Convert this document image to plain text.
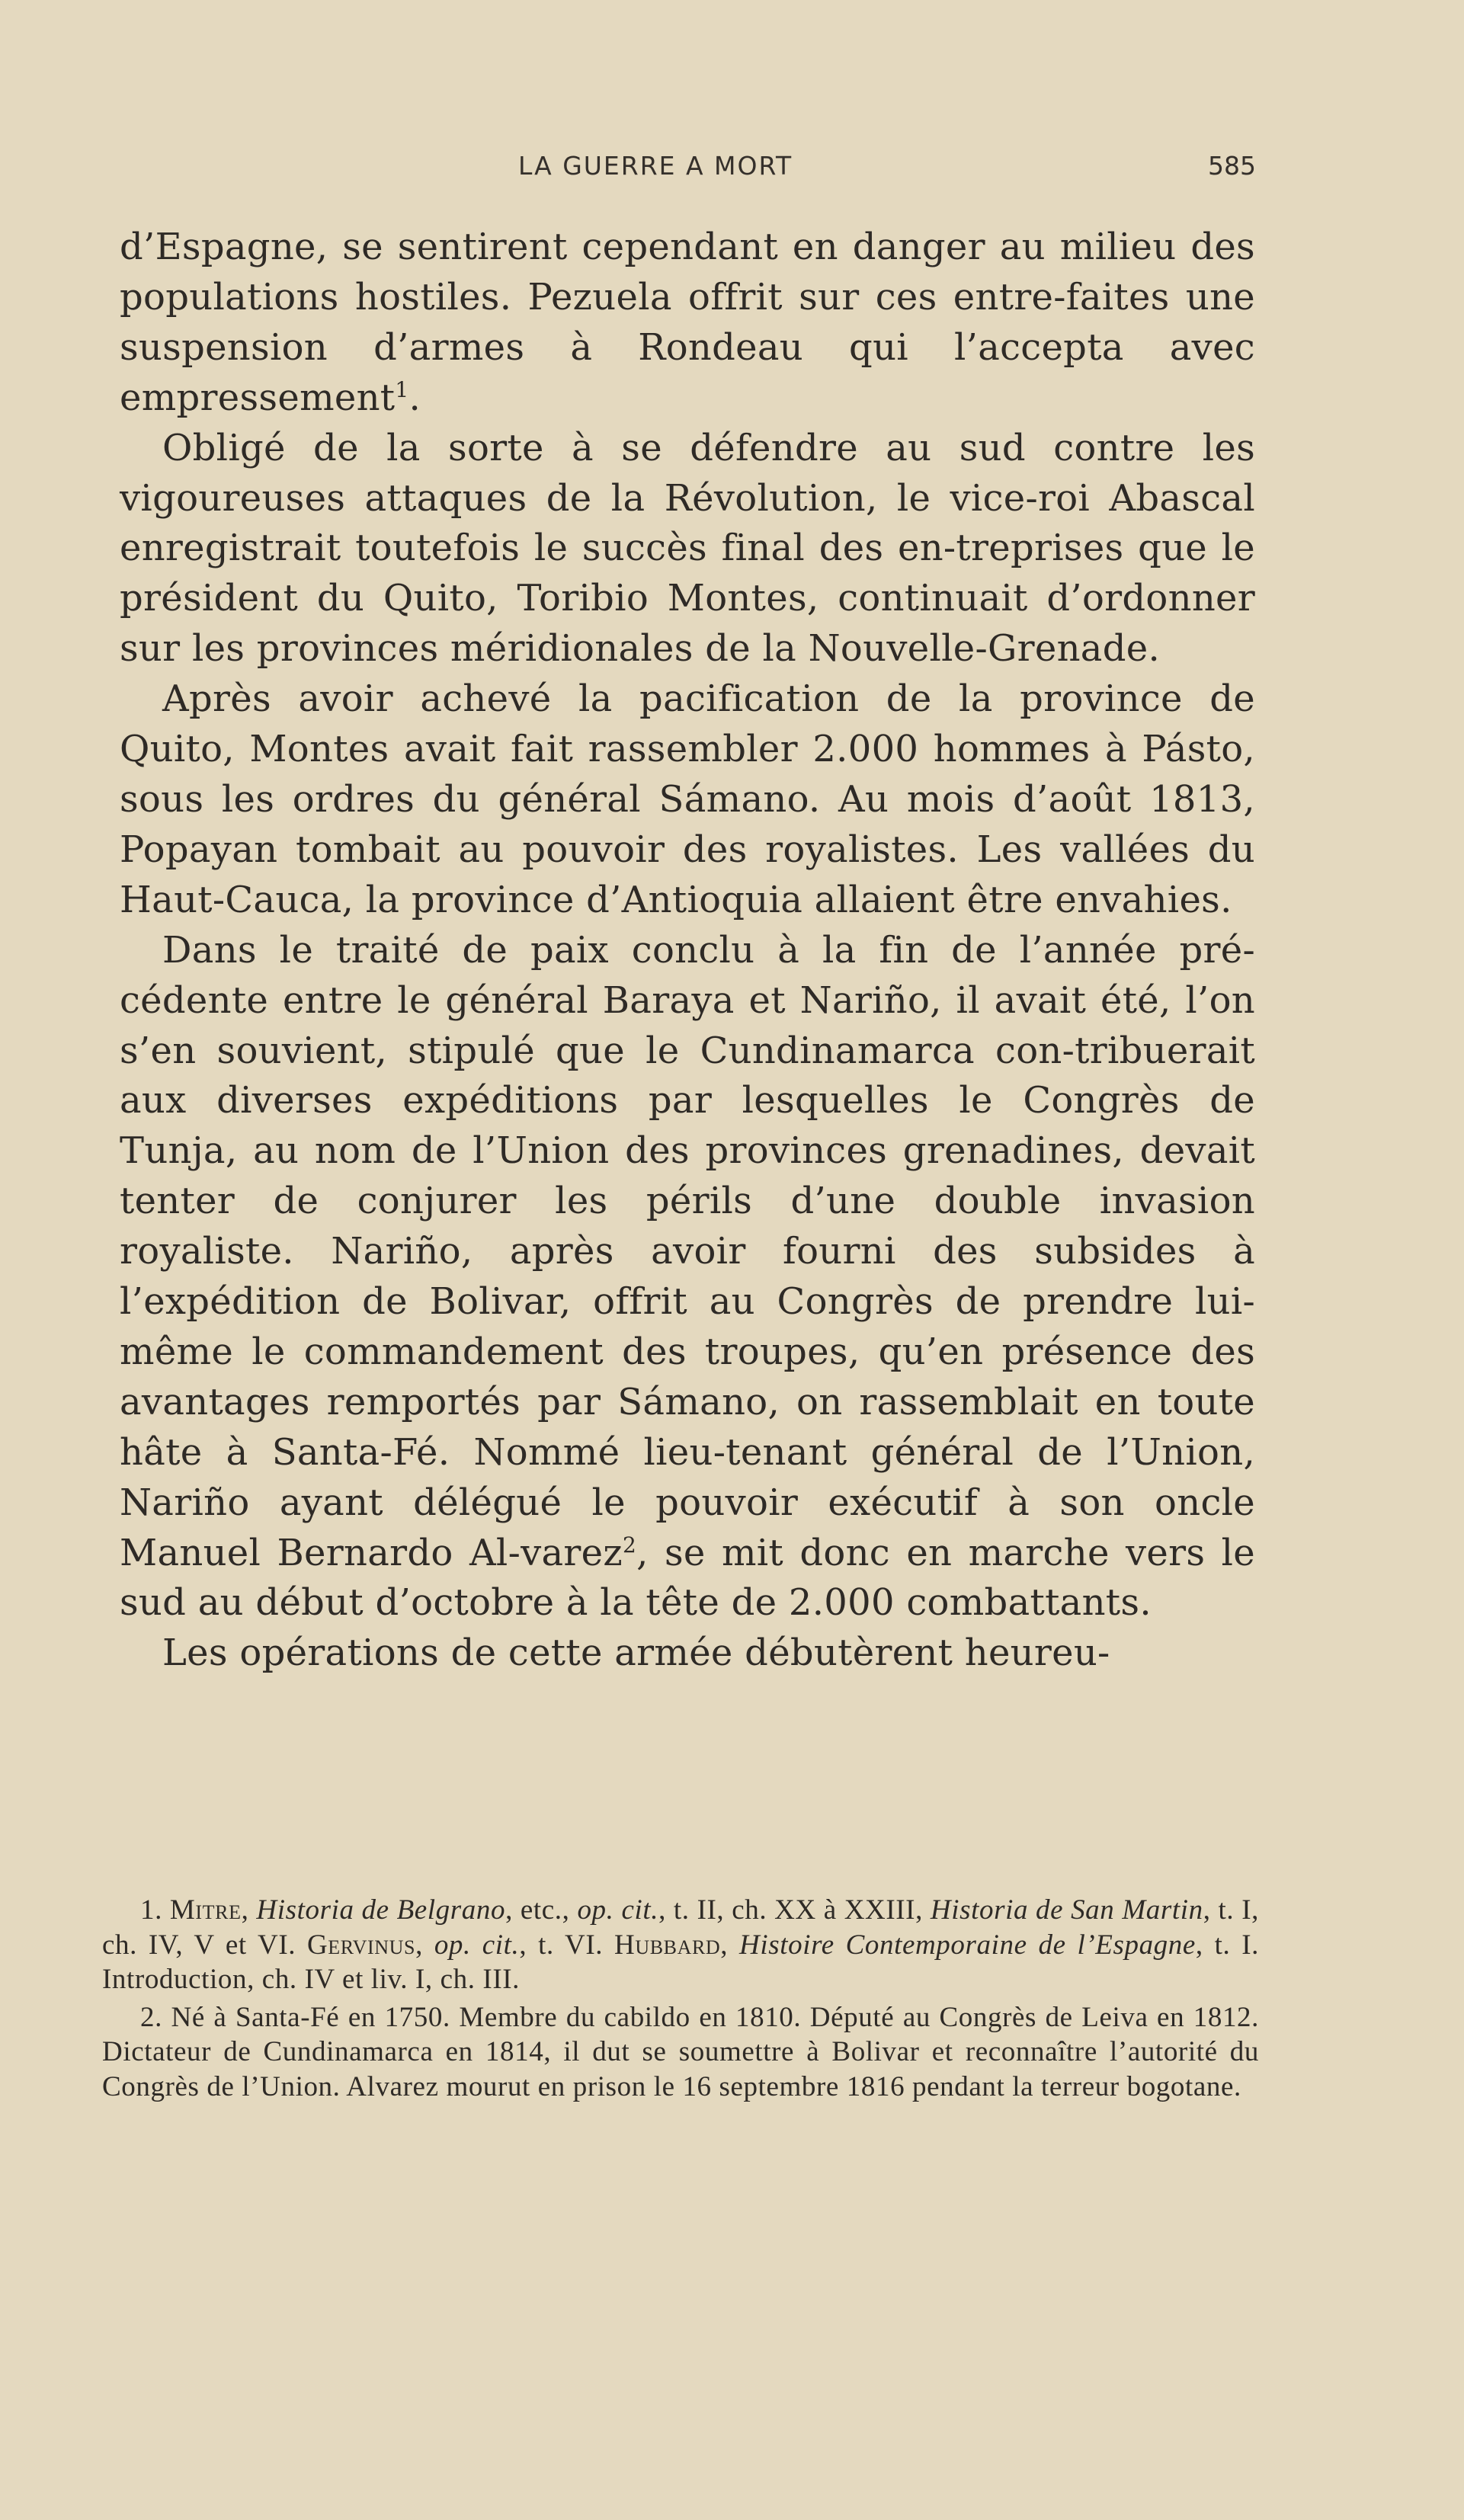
LA GUERRE A MORT	585

d’Espagne, se sentirent cependant en danger au milieu des populations hostiles. Pezuela offrit sur ces entre-faites une suspension d’armes à Rondeau qui l’accepta avec empressement$^1$.

Obligé de la sorte à se défendre au sud contre les vigoureuses attaques de la Révolution, le vice-roi Abascal enregistrait toutefois le succès final des en-treprises que le président du Quito, Toribio Montes, continuait d’ordonner sur les provinces méridionales de la Nouvelle-Grenade.

Après avoir achevé la pacification de la province de Quito, Montes avait fait rassembler 2.000 hommes à Pásto, sous les ordres du général Sámano. Au mois d’août 1813, Popayan tombait au pouvoir des royalistes. Les vallées du Haut-Cauca, la province d’Antioquia allaient être envahies.

Dans le traité de paix conclu à la fin de l’année pré-cédente entre le général Baraya et Nariño, il avait été, l’on s’en souvient, stipulé que le Cundinamarca con-tribuerait aux diverses expéditions par lesquelles le Congrès de Tunja, au nom de l’Union des provinces grenadines, devait tenter de conjurer les périls d’une double invasion royaliste. Nariño, après avoir fourni des subsides à l’expédition de Bolivar, offrit au Congrès de prendre lui-même le commandement des troupes, qu’en présence des avantages remportés par Sámano, on rassemblait en toute hâte à Santa-Fé. Nommé lieu-tenant général de l’Union, Nariño ayant délégué le pouvoir exécutif à son oncle Manuel Bernardo Al-varez$^2$, se mit donc en marche vers le sud au début d’octobre à la tête de 2.000 combattants.

Les opérations de cette armée débutèrent heureu-

1. Mitre, Historia de Belgrano, etc., op. cit., t. II, ch. XX à XXIII, Historia de San Martin, t. I, ch. IV, V et VI. Gervinus, op. cit., t. VI. Hubbard, Histoire Contemporaine de l’Espagne, t. I. Introduction, ch. IV et liv. I, ch. III.

2. Né à Santa-Fé en 1750. Membre du cabildo en 1810. Député au Congrès de Leiva en 1812. Dictateur de Cundinamarca en 1814, il dut se soumettre à Bolivar et reconnaître l’autorité du Congrès de l’Union. Alvarez mourut en prison le 16 septembre 1816 pendant la terreur bogotane.
